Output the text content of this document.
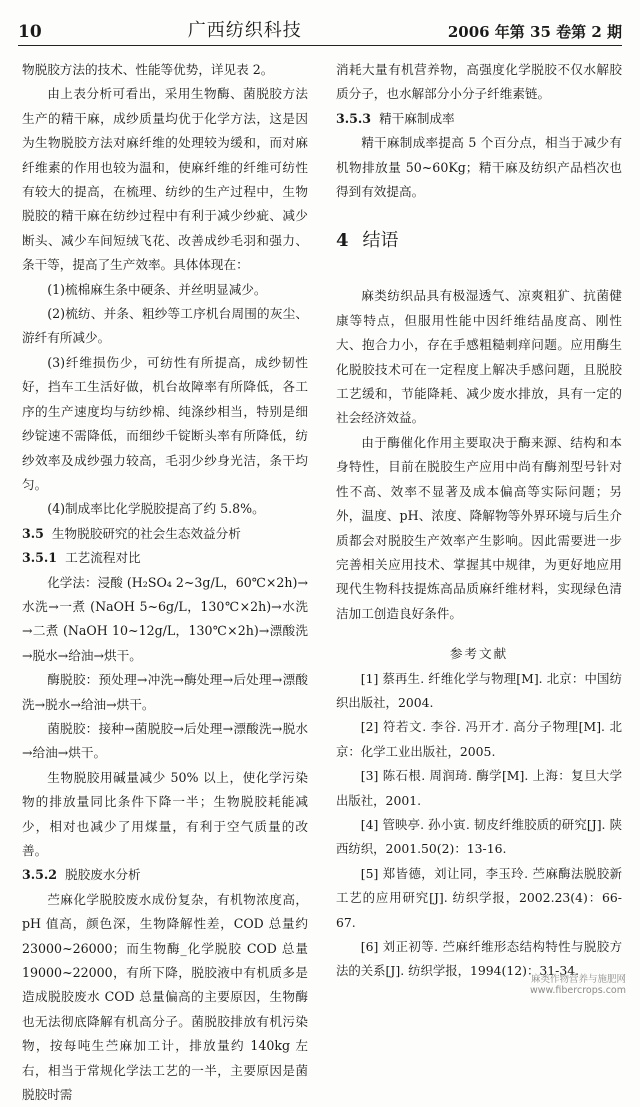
10	广西纺织科技	2006 年第 35 卷第 2 期

物脱胶方法的技术、性能等优势，详见表 2。

由上表分析可看出，采用生物酶、菌脱胶方法生产的精干麻，成纱质量均优于化学方法，这是因为生物脱胶方法对麻纤维的处理较为缓和，而对麻纤维素的作用也较为温和，使麻纤维的纤维可纺性有较大的提高，在梳理、纺纱的生产过程中，生物脱胶的精干麻在纺纱过程中有利于减少纱疵、减少断头、减少车间短绒飞花、改善成纱毛羽和强力、条干等，提高了生产效率。具体体现在：

(1)梳棉麻生条中硬条、并丝明显减少。

(2)梳纺、并条、粗纱等工序机台周围的灰尘、游纤有所减少。

(3)纤维损伤少，可纺性有所提高，成纱韧性好，挡车工生活好做，机台故障率有所降低，各工序的生产速度均与纺纱棉、纯涤纱相当，特别是细纱锭速不需降低，而细纱千锭断头率有所降低，纺纱效率及成纱强力较高，毛羽少纱身光洁，条干均匀。

(4)制成率比化学脱胶提高了约 5.8%。

3.5 生物脱胶研究的社会生态效益分析

3.5.1 工艺流程对比

化学法：浸酸 (H₂SO₄ 2~3g/L，60℃×2h)→水洗→一煮 (NaOH 5~6g/L，130℃×2h)→水洗→二煮 (NaOH 10~12g/L，130℃×2h)→漂酸洗→脱水→给油→烘干。

酶脱胶：预处理→冲洗→酶处理→后处理→漂酸洗→脱水→给油→烘干。

菌脱胶：接种→菌脱胶→后处理→漂酸洗→脱水→给油→烘干。

生物脱胶用碱量减少 50% 以上，使化学污染物的排放量同比条件下降一半；生物脱胶耗能减少，相对也减少了用煤量，有利于空气质量的改善。

3.5.2 脱胶废水分析

苎麻化学脱胶废水成份复杂，有机物浓度高，pH 值高，颜色深，生物降解性差，COD 总量约 23000~26000；而生物酶_化学脱胶 COD 总量 19000~22000，有所下降，脱胶液中有机质多是造成脱胶废水 COD 总量偏高的主要原因，生物酶也无法彻底降解有机高分子。菌脱胶排放有机污染物，按每吨生苎麻加工计，排放量约 140kg 左右，相当于常规化学法工艺的一半，主要原因是菌脱胶时需

消耗大量有机营养物，高强度化学脱胶不仅水解胶质分子，也水解部分小分子纤维素链。

3.5.3 精干麻制成率

精干麻制成率提高 5 个百分点，相当于减少有机物排放量 50~60Kg；精干麻及纺织产品档次也得到有效提高。

4 结语

麻类纺织品具有极湿透气、凉爽粗犷、抗菌健康等特点，但服用性能中因纤维结晶度高、刚性大、抱合力小，存在手感粗糙刺痒问题。应用酶生化脱胶技术可在一定程度上解决手感问题，且脱胶工艺缓和，节能降耗、减少废水排放，具有一定的社会经济效益。

由于酶催化作用主要取决于酶来源、结构和本身特性，目前在脱胶生产应用中尚有酶剂型号针对性不高、效率不显著及成本偏高等实际问题；另外，温度、pH、浓度、降解物等外界环境与后生介质都会对脱胶生产效率产生影响。因此需要进一步完善相关应用技术、掌握其中规律，为更好地应用现代生物科技提炼高品质麻纤维材料，实现绿色清洁加工创造良好条件。

参考文献

[1] 蔡再生. 纤维化学与物理[M]. 北京：中国纺织出版社，2004.

[2] 符若文. 李谷. 冯开才. 高分子物理[M]. 北京：化学工业出版社，2005.

[3] 陈石根. 周润琦. 酶学[M]. 上海：复旦大学出版社，2001.

[4] 管映亭. 孙小寅. 韧皮纤维胶质的研究[J]. 陕西纺织，2001.50(2)：13-16.

[5] 郑皆德，刘让同，李玉玲. 苎麻酶法脱胶新工艺的应用研究[J]. 纺织学报，2002.23(4)：66-67.

[6] 刘正初等. 苎麻纤维形态结构特性与脱胶方法的关系[J]. 纺织学报，1994(12)：31-34.

麻类作物营养与施肥网
www.fibercrops.com
